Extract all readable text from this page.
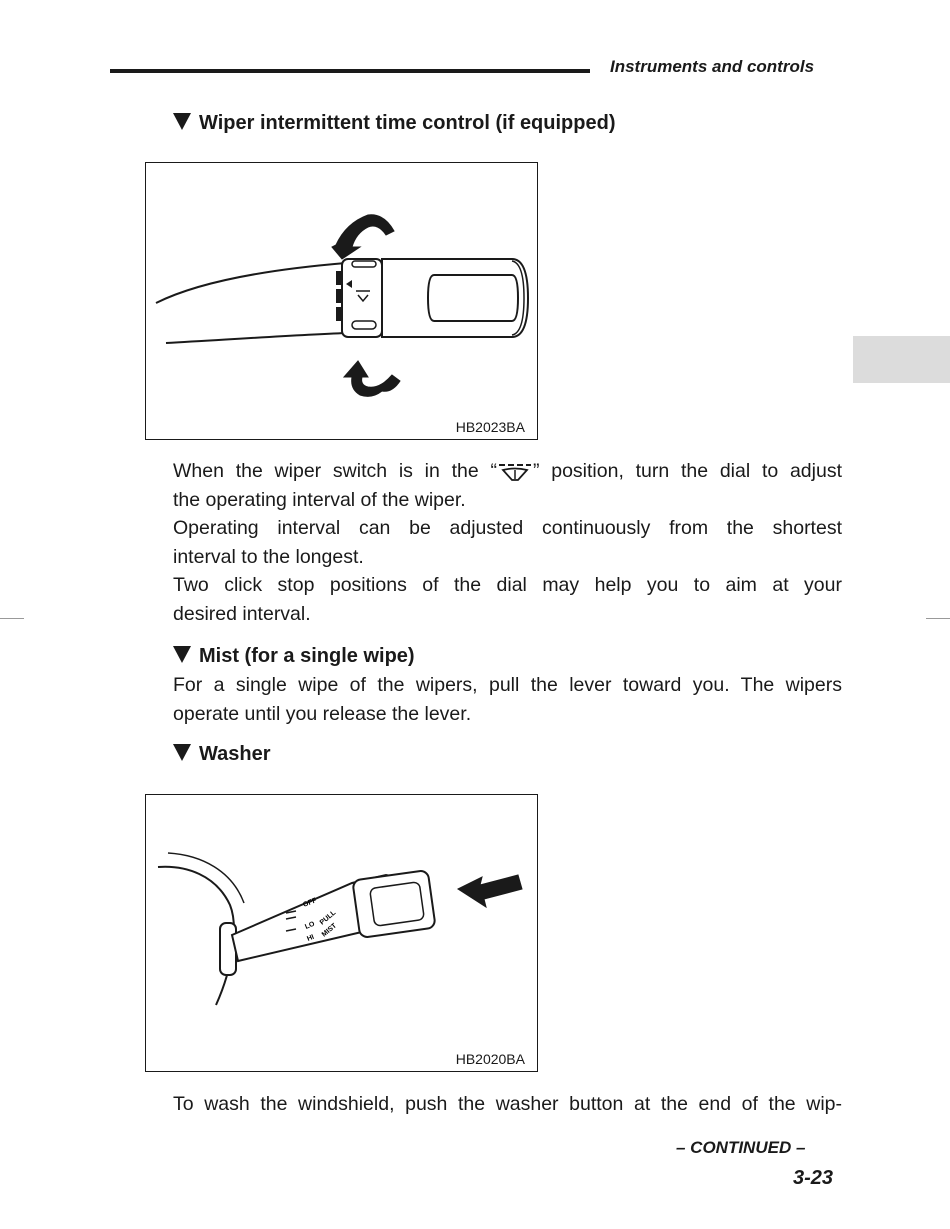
Instruments and controls
Wiper intermittent time control (if equipped)
HB2023BA
When the wiper switch is in the “ ” position, turn the dial to adjust
the operating interval of the wiper.
Operating interval can be adjusted continuously from the shortest
interval to the longest.
Two click stop positions of the dial may help you to aim at your
desired interval.
Mist (for a single wipe)
For a single wipe of the wipers, pull the lever toward you. The wipers
operate until you release the lever.
Washer
OFF
LO
HI
PULL
MIST
HB2020BA
To wash the windshield, push the washer button at the end of the wip-
– CONTINUED –
3-23
